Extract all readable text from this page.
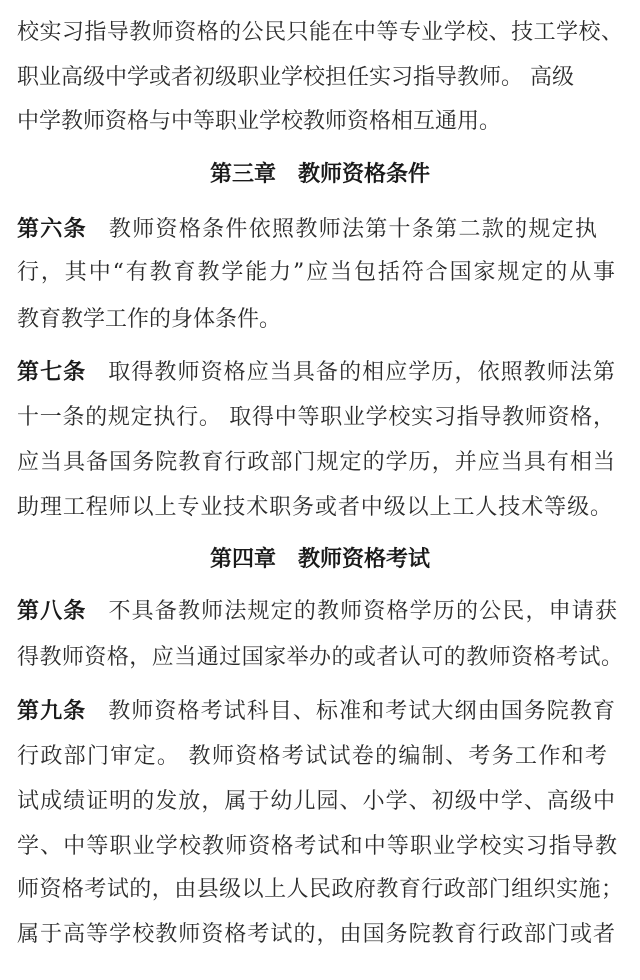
校实习指导教师资格的公民只能在中等专业学校、技工学校、
职业高级中学或者初级职业学校担任实习指导教师。 高级
中学教师资格与中等职业学校教师资格相互通用。
第三章 教师资格条件
第六条 教师资格条件依照教师法第十条第二款的规定执
行，其中“有教育教学能力”应当包括符合国家规定的从事
教育教学工作的身体条件。
第七条 取得教师资格应当具备的相应学历，依照教师法第
十一条的规定执行。 取得中等职业学校实习指导教师资格，
应当具备国务院教育行政部门规定的学历，并应当具有相当
助理工程师以上专业技术职务或者中级以上工人技术等级。
第四章 教师资格考试
第八条 不具备教师法规定的教师资格学历的公民，申请获
得教师资格，应当通过国家举办的或者认可的教师资格考试。
第九条 教师资格考试科目、标准和考试大纲由国务院教育
行政部门审定。 教师资格考试试卷的编制、考务工作和考
试成绩证明的发放，属于幼儿园、小学、初级中学、高级中
学、中等职业学校教师资格考试和中等职业学校实习指导教
师资格考试的，由县级以上人民政府教育行政部门组织实施；
属于高等学校教师资格考试的，由国务院教育行政部门或者
